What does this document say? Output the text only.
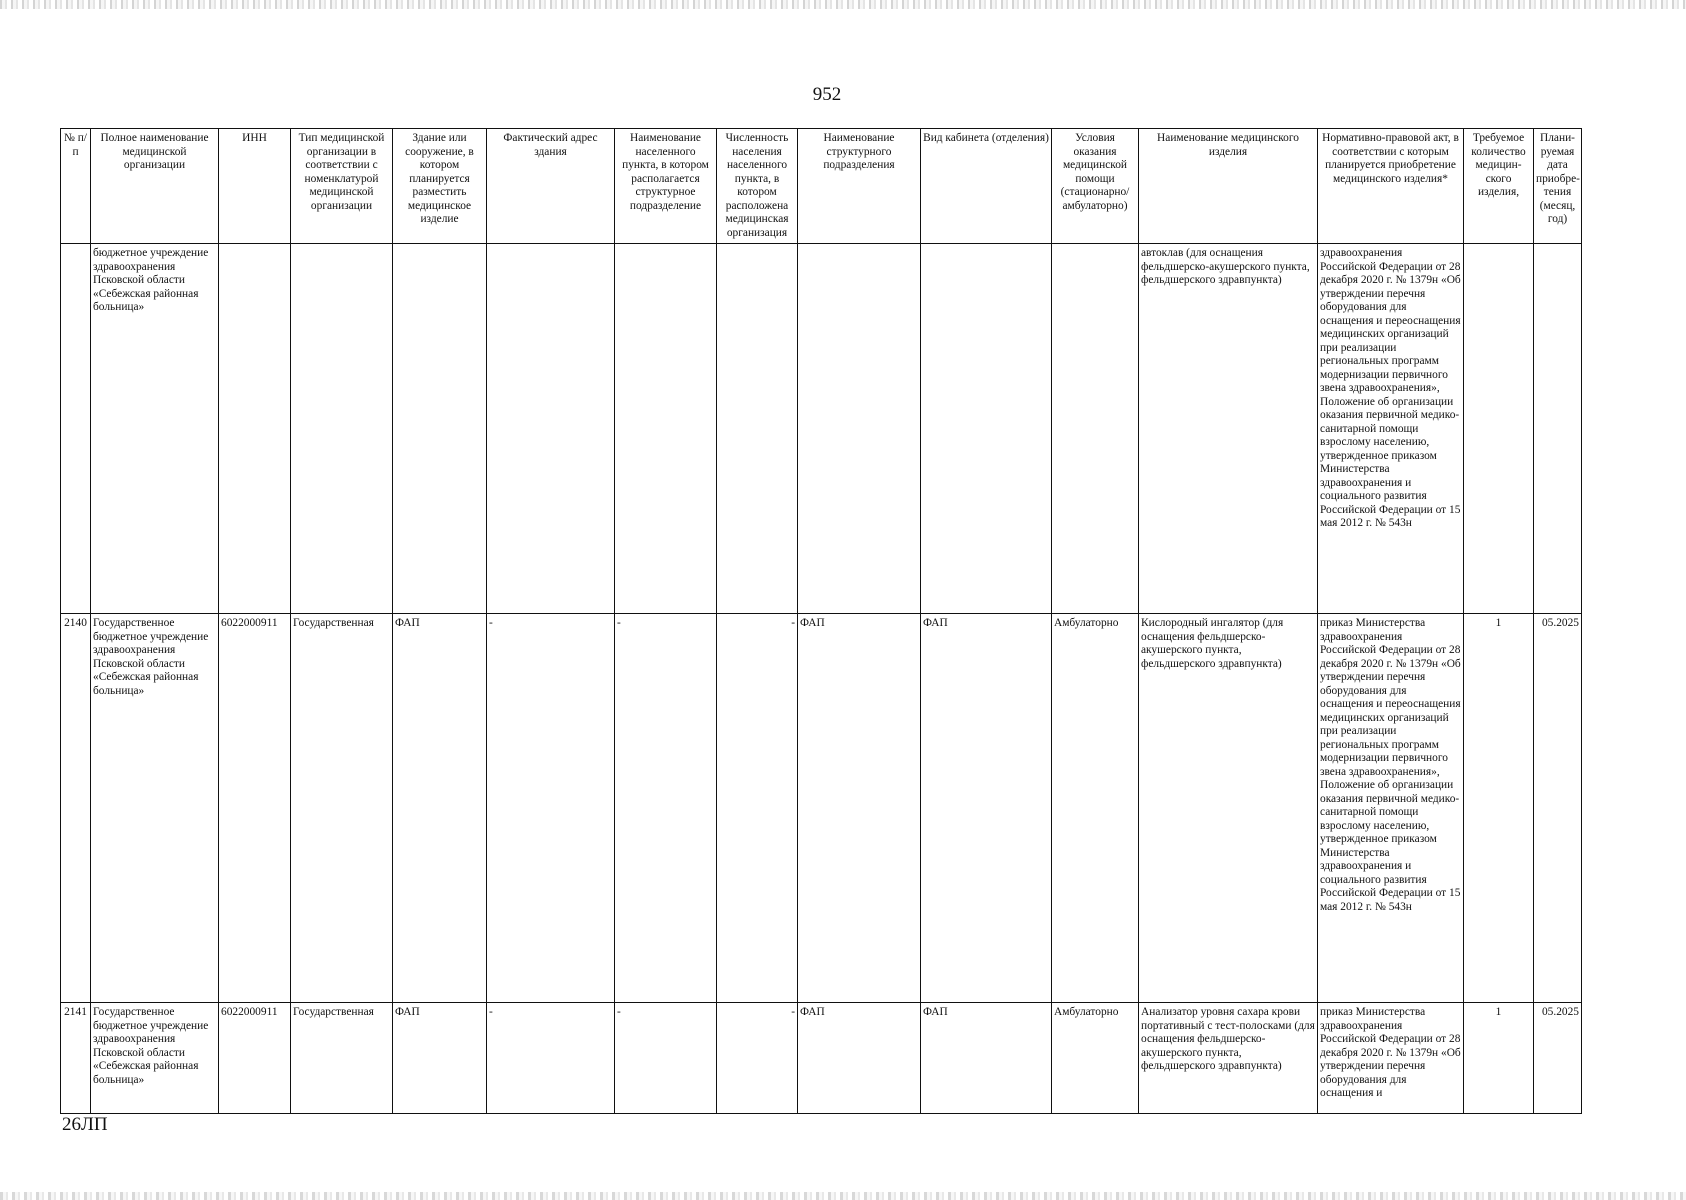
952
№ п/п	Полное наименование медицинской организации	ИНН	Тип медицинской организации в соответствии с номенклатурой медицинской организации	Здание или сооружение, в котором планируется разместить медицинское изделие	Фактический адрес здания	Наименование населенного пункта, в котором располагается структурное подразделение	Численность населения населенного пункта, в котором расположена медицинская организация	Наименование структурного подразделения	Вид кабинета (отделения)	Условия оказания медицинской помощи (стационарно/ амбулаторно)	Наименование медицинского изделия	Нормативно-правовой акт, в соответствии с которым планируется приобретение медицинского изделия*	Требуемое количество медицин-ского изделия,	Плани-руемая дата приобре-тения (месяц, год)
	бюджетное учреждение здравоохранения Псковской области «Себежская районная больница»										автоклав (для оснащения фельдшерско-акушерского пункта, фельдшерского здравпункта)	здравоохранения Российской Федерации от 28 декабря 2020 г. № 1379н «Об утверждении перечня оборудования для оснащения и переоснащения медицинских организаций при реализации региональных программ модернизации первичного звена здравоохранения», Положение об организации оказания первичной медико-санитарной помощи взрослому населению, утвержденное приказом Министерства здравоохранения и социального развития Российской Федерации от 15 мая 2012 г. № 543н		
2140	Государственное бюджетное учреждение здравоохранения Псковской области «Себежская районная больница»	6022000911	Государственная	ФАП	-	-	-	ФАП	ФАП	Амбулаторно	Кислородный ингалятор (для оснащения фельдшерско-акушерского пункта, фельдшерского здравпункта)	приказ Министерства здравоохранения Российской Федерации от 28 декабря 2020 г. № 1379н «Об утверждении перечня оборудования для оснащения и переоснащения медицинских организаций при реализации региональных программ модернизации первичного звена здравоохранения», Положение об организации оказания первичной медико-санитарной помощи взрослому населению, утвержденное приказом Министерства здравоохранения и социального развития Российской Федерации от 15 мая 2012 г. № 543н	1	05.2025
2141	Государственное бюджетное учреждение здравоохранения Псковской области «Себежская районная больница»	6022000911	Государственная	ФАП	-	-	-	ФАП	ФАП	Амбулаторно	Анализатор уровня сахара крови портативный с тест-полосками (для оснащения фельдшерско-акушерского пункта, фельдшерского здравпункта)	приказ Министерства здравоохранения Российской Федерации от 28 декабря 2020 г. № 1379н «Об утверждении перечня оборудования для оснащения и	1	05.2025
26ЛП
